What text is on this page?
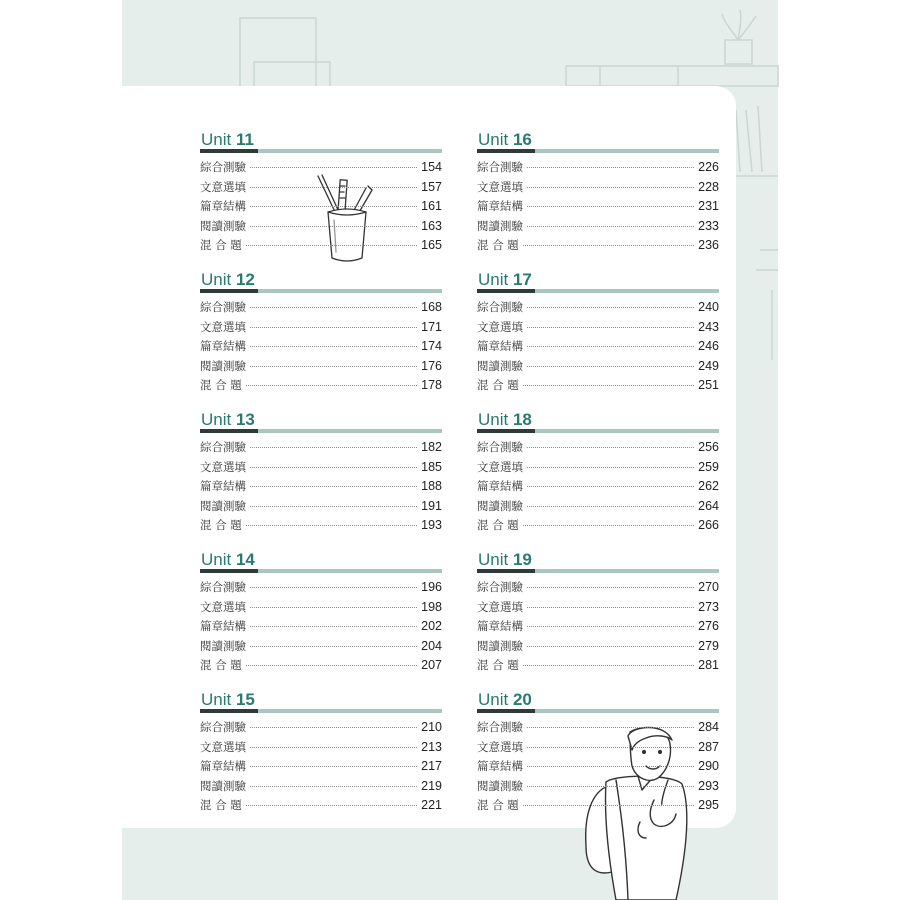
Unit 11
綜合測驗	154
文意選填	157
篇章結構	161
閱讀測驗	163
混 合 題	165
Unit 12
綜合測驗	168
文意選填	171
篇章結構	174
閱讀測驗	176
混 合 題	178
Unit 13
綜合測驗	182
文意選填	185
篇章結構	188
閱讀測驗	191
混 合 題	193
Unit 14
綜合測驗	196
文意選填	198
篇章結構	202
閱讀測驗	204
混 合 題	207
Unit 15
綜合測驗	210
文意選填	213
篇章結構	217
閱讀測驗	219
混 合 題	221
Unit 16
綜合測驗	226
文意選填	228
篇章結構	231
閱讀測驗	233
混 合 題	236
Unit 17
綜合測驗	240
文意選填	243
篇章結構	246
閱讀測驗	249
混 合 題	251
Unit 18
綜合測驗	256
文意選填	259
篇章結構	262
閱讀測驗	264
混 合 題	266
Unit 19
綜合測驗	270
文意選填	273
篇章結構	276
閱讀測驗	279
混 合 題	281
Unit 20
綜合測驗	284
文意選填	287
篇章結構	290
閱讀測驗	293
混 合 題	295
